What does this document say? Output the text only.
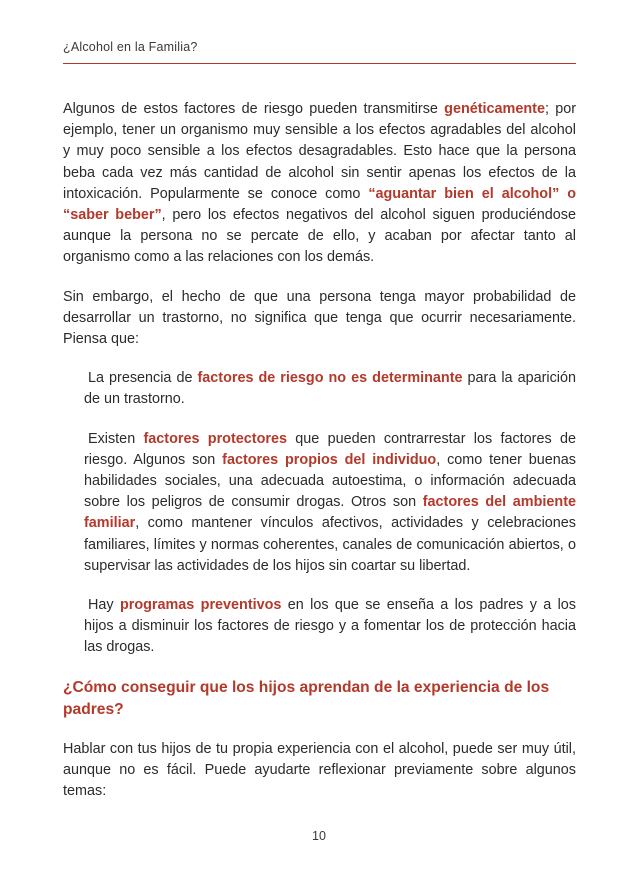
¿Alcohol en la Familia?

Algunos de estos factores de riesgo pueden transmitirse genéticamente; por ejemplo, tener un organismo muy sensible a los efectos agradables del alcohol y muy poco sensible a los efectos desagradables. Esto hace que la persona beba cada vez más cantidad de alcohol sin sentir apenas los efectos de la intoxicación. Popularmente se conoce como “aguantar bien el alcohol” o “saber beber”, pero los efectos negativos del alcohol siguen produciéndose aunque la persona no se percate de ello, y acaban por afectar tanto al organismo como a las relaciones con los demás.

Sin embargo, el hecho de que una persona tenga mayor probabilidad de desarrollar un trastorno, no significa que tenga que ocurrir necesariamente. Piensa que:

La presencia de factores de riesgo no es determinante para la aparición de un trastorno.

Existen factores protectores que pueden contrarrestar los factores de riesgo. Algunos son factores propios del individuo, como tener buenas habilidades sociales, una adecuada autoestima, o información adecuada sobre los peligros de consumir drogas. Otros son factores del ambiente familiar, como mantener vínculos afectivos, actividades y celebraciones familiares, límites y normas coherentes, canales de comunicación abiertos, o supervisar las actividades de los hijos sin coartar su libertad.

Hay programas preventivos en los que se enseña a los padres y a los hijos a disminuir los factores de riesgo y a fomentar los de protección hacia las drogas.

¿Cómo conseguir que los hijos aprendan de la experiencia de los padres?

Hablar con tus hijos de tu propia experiencia con el alcohol, puede ser muy útil, aunque no es fácil. Puede ayudarte reflexionar previamente sobre algunos temas:

10
